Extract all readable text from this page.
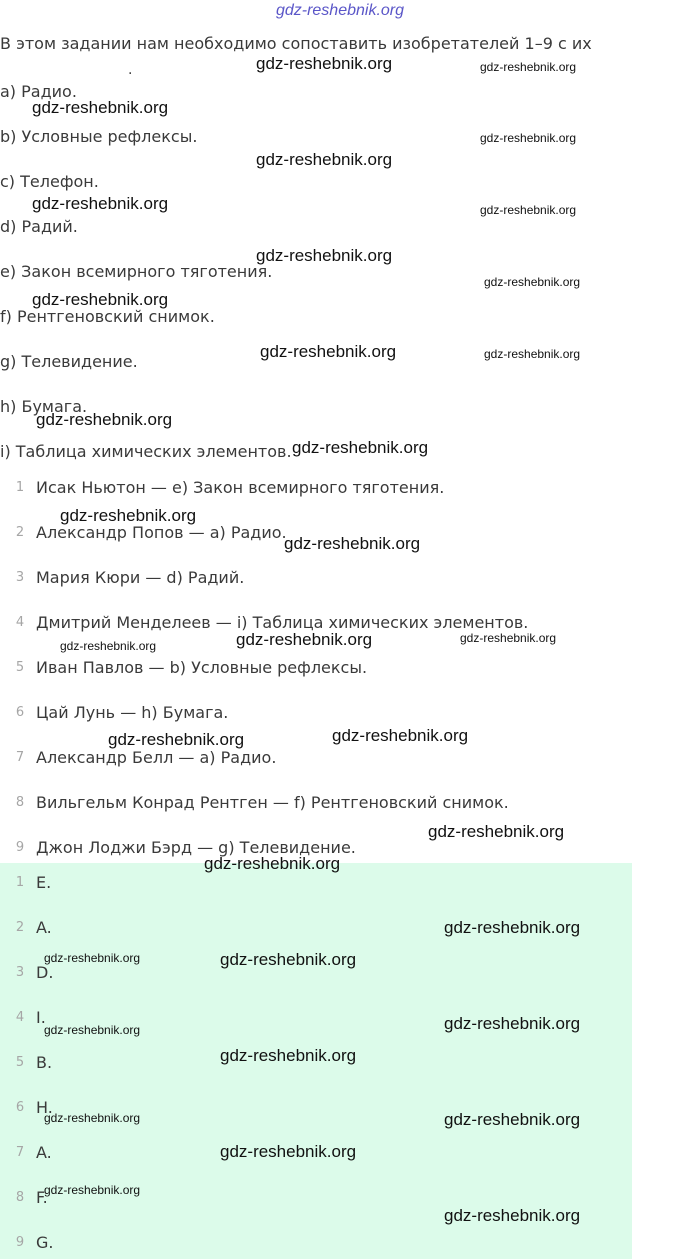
gdz-reshebnik.org
В этом задании нам необходимо сопоставить изобретателей 1–9 с их
.
a) Радио.
b) Условные рефлексы.
c) Телефон.
d) Радий.
e) Закон всемирного тяготения.
f) Рентгеновский снимок.
g) Телевидение.
h) Бумага.
i) Таблица химических элементов.
1 Исак Ньютон — е) Закон всемирного тяготения.
2 Александр Попов — а) Радио.
3 Мария Кюри — d) Радий.
4 Дмитрий Менделеев — i) Таблица химических элементов.
5 Иван Павлов — b) Условные рефлексы.
6 Цай Лунь — h) Бумага.
7 Александр Белл — а) Радио.
8 Вильгельм Конрад Рентген — f) Рентгеновский снимок.
9 Джон Лоджи Бэрд — g) Телевидение.
1 E.
2 A.
3 D.
4 I.
5 B.
6 H.
7 A.
8 F.
9 G.
gdz-reshebnik.org	gdz-reshebnik.org
gdz-reshebnik.org
gdz-reshebnik.org
gdz-reshebnik.org
gdz-reshebnik.org	gdz-reshebnik.org
gdz-reshebnik.org
gdz-reshebnik.org
gdz-reshebnik.org
gdz-reshebnik.org	gdz-reshebnik.org
gdz-reshebnik.org
gdz-reshebnik.org
gdz-reshebnik.org
gdz-reshebnik.org
gdz-reshebnik.org	gdz-reshebnik.org
gdz-reshebnik.org
gdz-reshebnik.org
gdz-reshebnik.org
gdz-reshebnik.org
gdz-reshebnik.org
gdz-reshebnik.org
gdz-reshebnik.org	gdz-reshebnik.org
gdz-reshebnik.org
gdz-reshebnik.org
gdz-reshebnik.org
gdz-reshebnik.org	gdz-reshebnik.org
gdz-reshebnik.org
gdz-reshebnik.org
gdz-reshebnik.org
